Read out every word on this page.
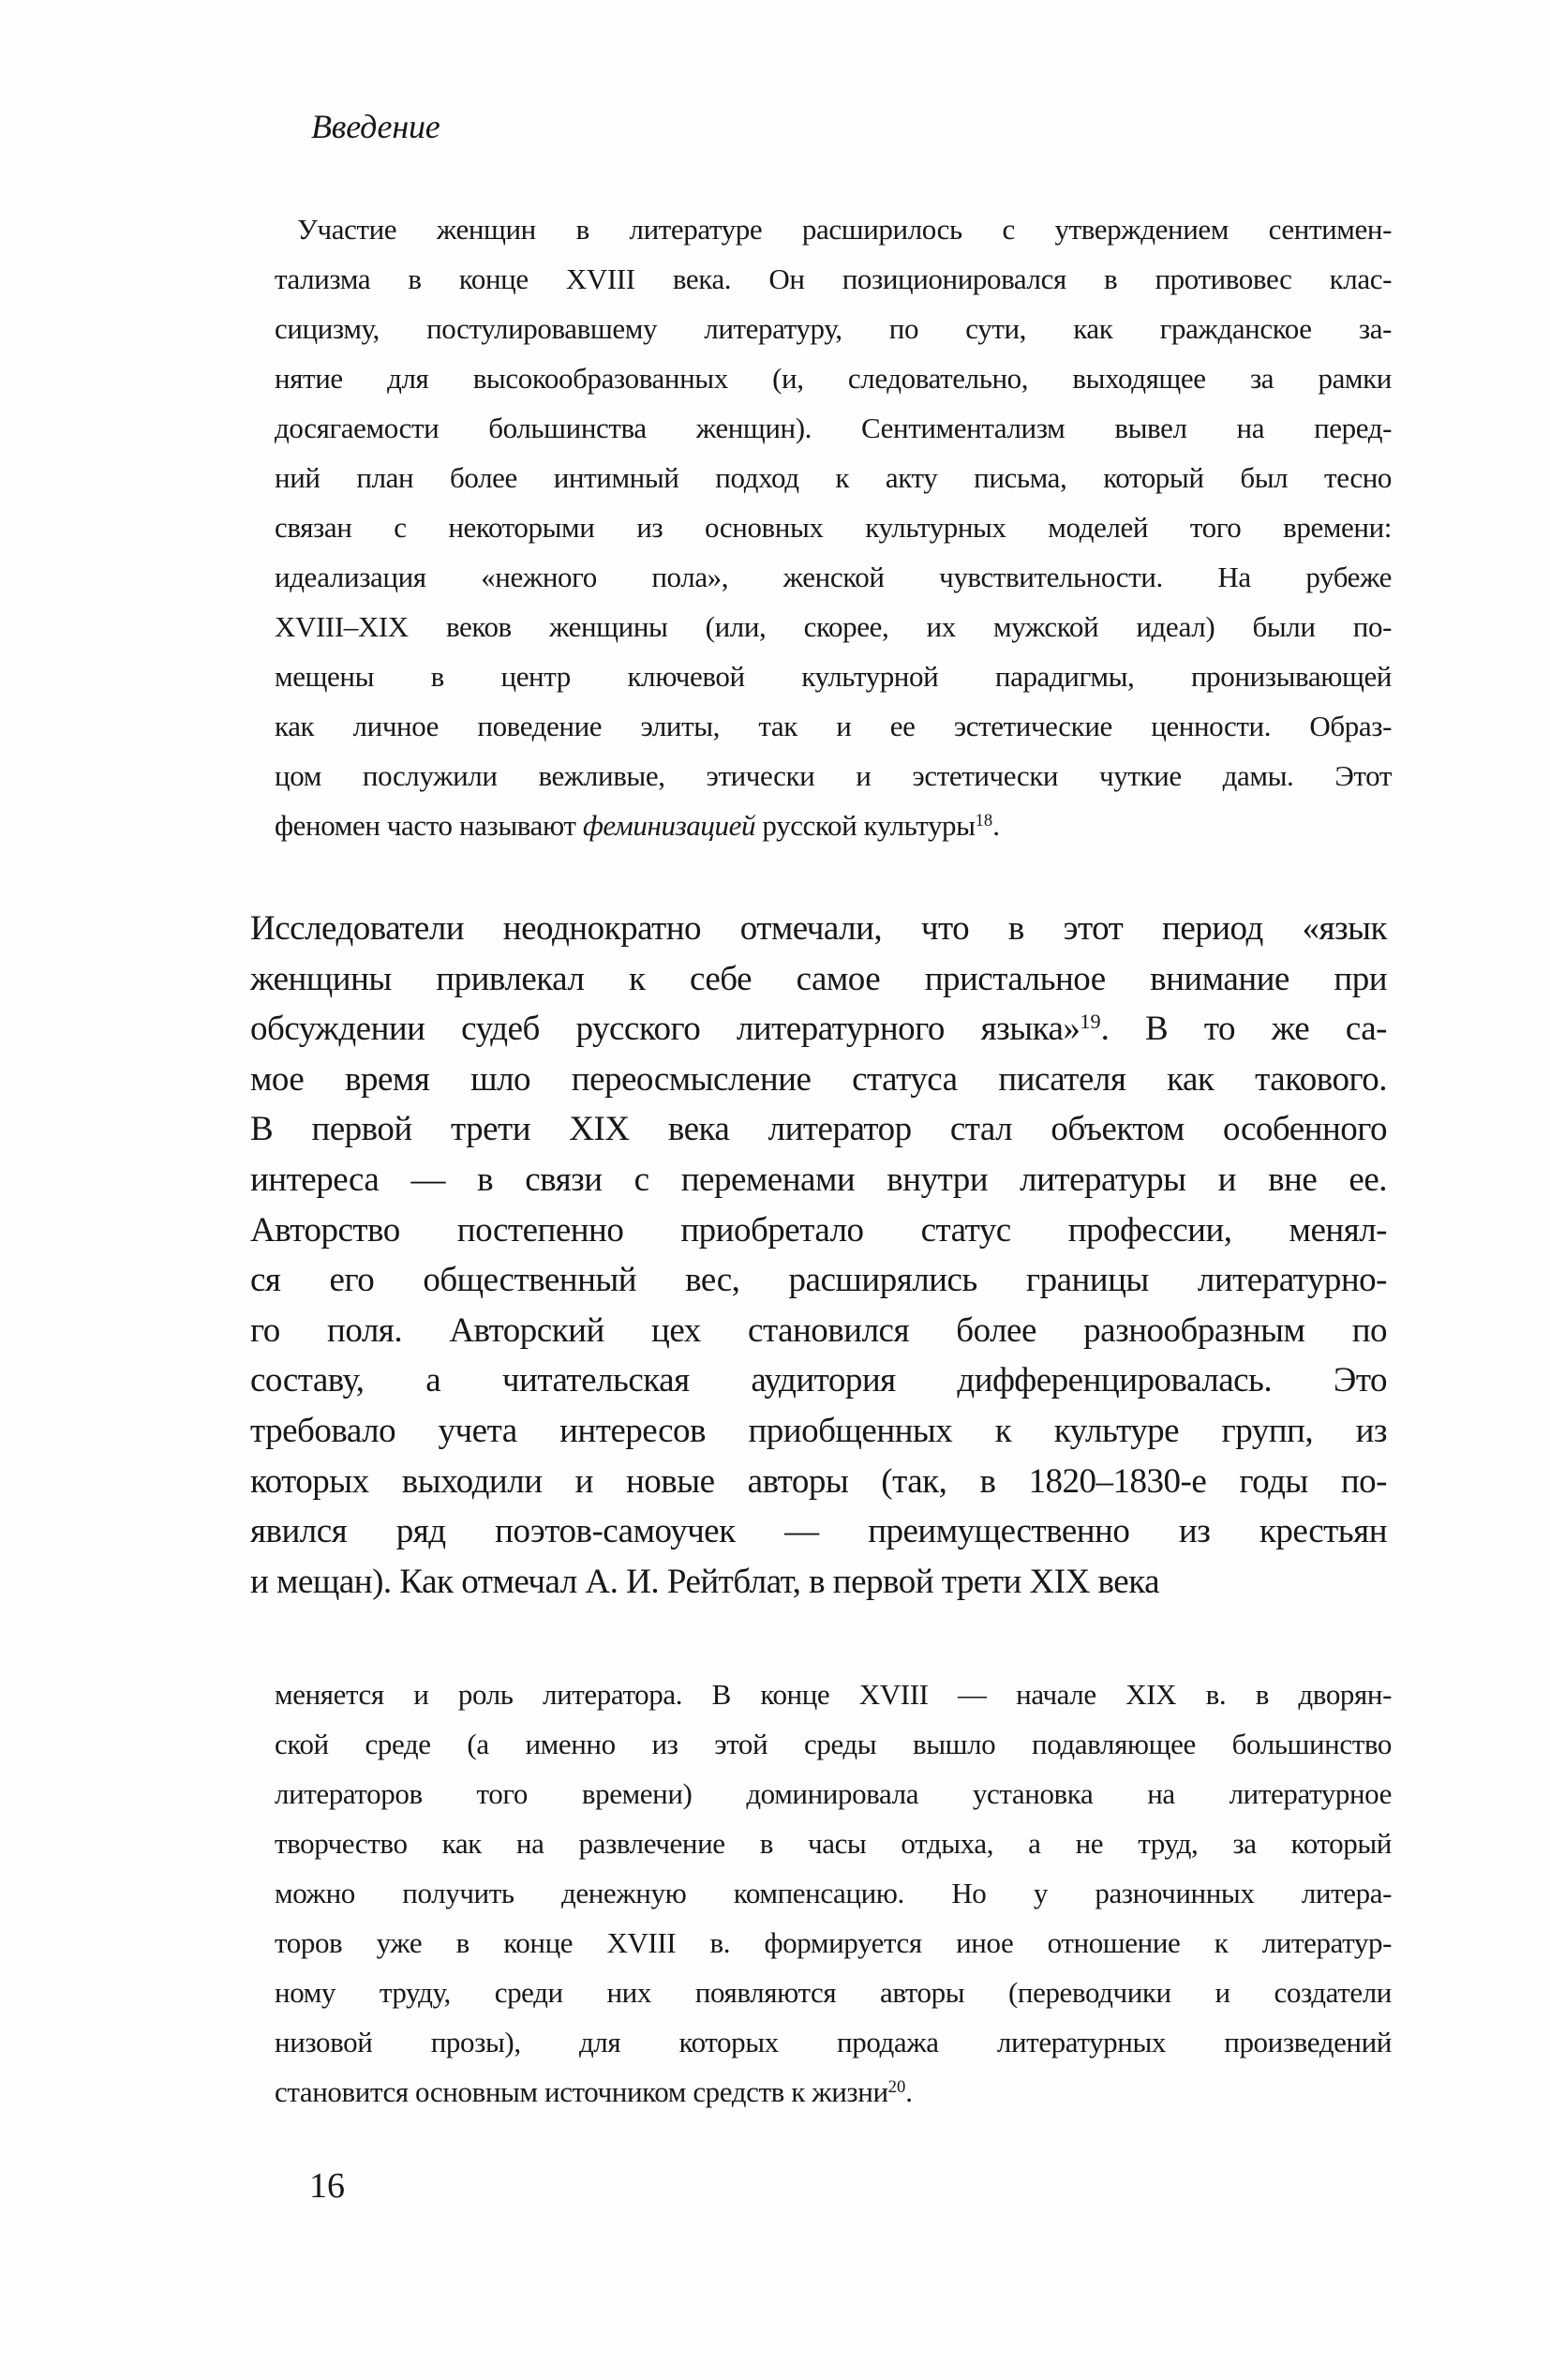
Введение
Участие женщин в литературе расширилось с утверждением сентимен-
тализма в конце XVIII века. Он позиционировался в противовес клас-
сицизму, постулировавшему литературу, по сути, как гражданское за-
нятие для высокообразованных (и, следовательно, выходящее за рамки
досягаемости большинства женщин). Сентиментализм вывел на перед-
ний план более интимный подход к акту письма, который был тесно
связан с некоторыми из основных культурных моделей того времени:
идеализация «нежного пола», женской чувствительности. На рубеже
XVIII–XIX веков женщины (или, скорее, их мужской идеал) были по-
мещены в центр ключевой культурной парадигмы, пронизывающей
как личное поведение элиты, так и ее эстетические ценности. Образ-
цом послужили вежливые, этически и эстетически чуткие дамы. Этот
феномен часто называют феминизацией русской культуры$^{18}$.
Исследователи неоднократно отмечали, что в этот период «язык
женщины привлекал к себе самое пристальное внимание при
обсуждении судеб русского литературного языка»$^{19}$. В то же са-
мое время шло переосмысление статуса писателя как такового.
В первой трети XIX века литератор стал объектом особенного
интереса — в связи с переменами внутри литературы и вне ее.
Авторство постепенно приобретало статус профессии, менял-
ся его общественный вес, расширялись границы литературно-
го поля. Авторский цех становился более разнообразным по
составу, а читательская аудитория дифференцировалась. Это
требовало учета интересов приобщенных к культуре групп, из
которых выходили и новые авторы (так, в 1820–1830-е годы по-
явился ряд поэтов-самоучек — преимущественно из крестьян
и мещан). Как отмечал А. И. Рейтблат, в первой трети XIX века
меняется и роль литератора. В конце XVIII — начале XIX в. в дворян-
ской среде (а именно из этой среды вышло подавляющее большинство
литераторов того времени) доминировала установка на литературное
творчество как на развлечение в часы отдыха, а не труд, за который
можно получить денежную компенсацию. Но у разночинных литера-
торов уже в конце XVIII в. формируется иное отношение к литератур-
ному труду, среди них появляются авторы (переводчики и создатели
низовой прозы), для которых продажа литературных произведений
становится основным источником средств к жизни$^{20}$.
16
